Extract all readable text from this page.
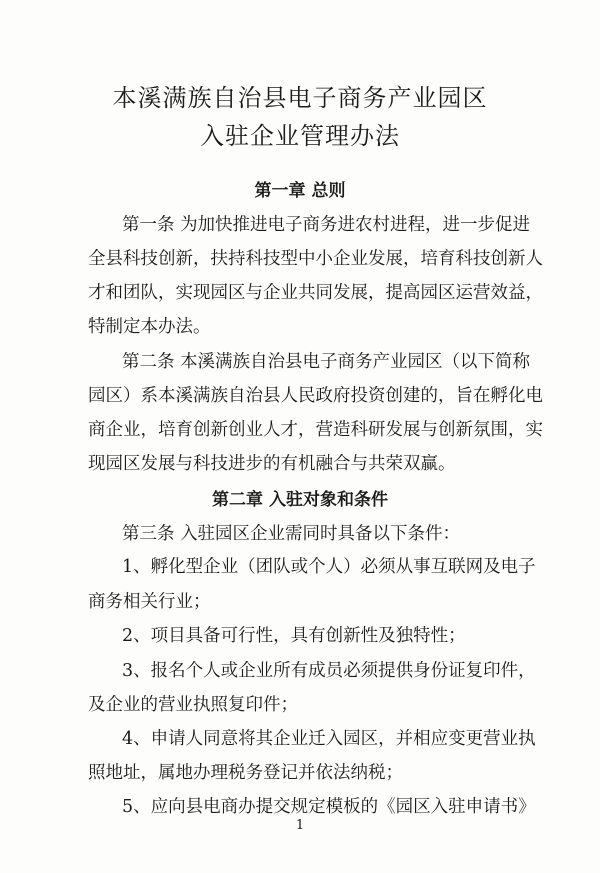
本溪满族自治县电子商务产业园区
入驻企业管理办法
第一章 总则

第一条 为加快推进电子商务进农村进程，进一步促进

全县科技创新，扶持科技型中小企业发展，培育科技创新人

才和团队，实现园区与企业共同发展，提高园区运营效益，

特制定本办法。

第二条 本溪满族自治县电子商务产业园区（以下简称

园区）系本溪满族自治县人民政府投资创建的，旨在孵化电

商企业，培育创新创业人才，营造科研发展与创新氛围，实

现园区发展与科技进步的有机融合与共荣双赢。

第二章 入驻对象和条件

第三条 入驻园区企业需同时具备以下条件：

1、孵化型企业（团队或个人）必须从事互联网及电子

商务相关行业；

2、项目具备可行性，具有创新性及独特性；

3、报名个人或企业所有成员必须提供身份证复印件，

及企业的营业执照复印件；

4、申请人同意将其企业迁入园区，并相应变更营业执

照地址，属地办理税务登记并依法纳税；

5、应向县电商办提交规定模板的《园区入驻申请书》

1
